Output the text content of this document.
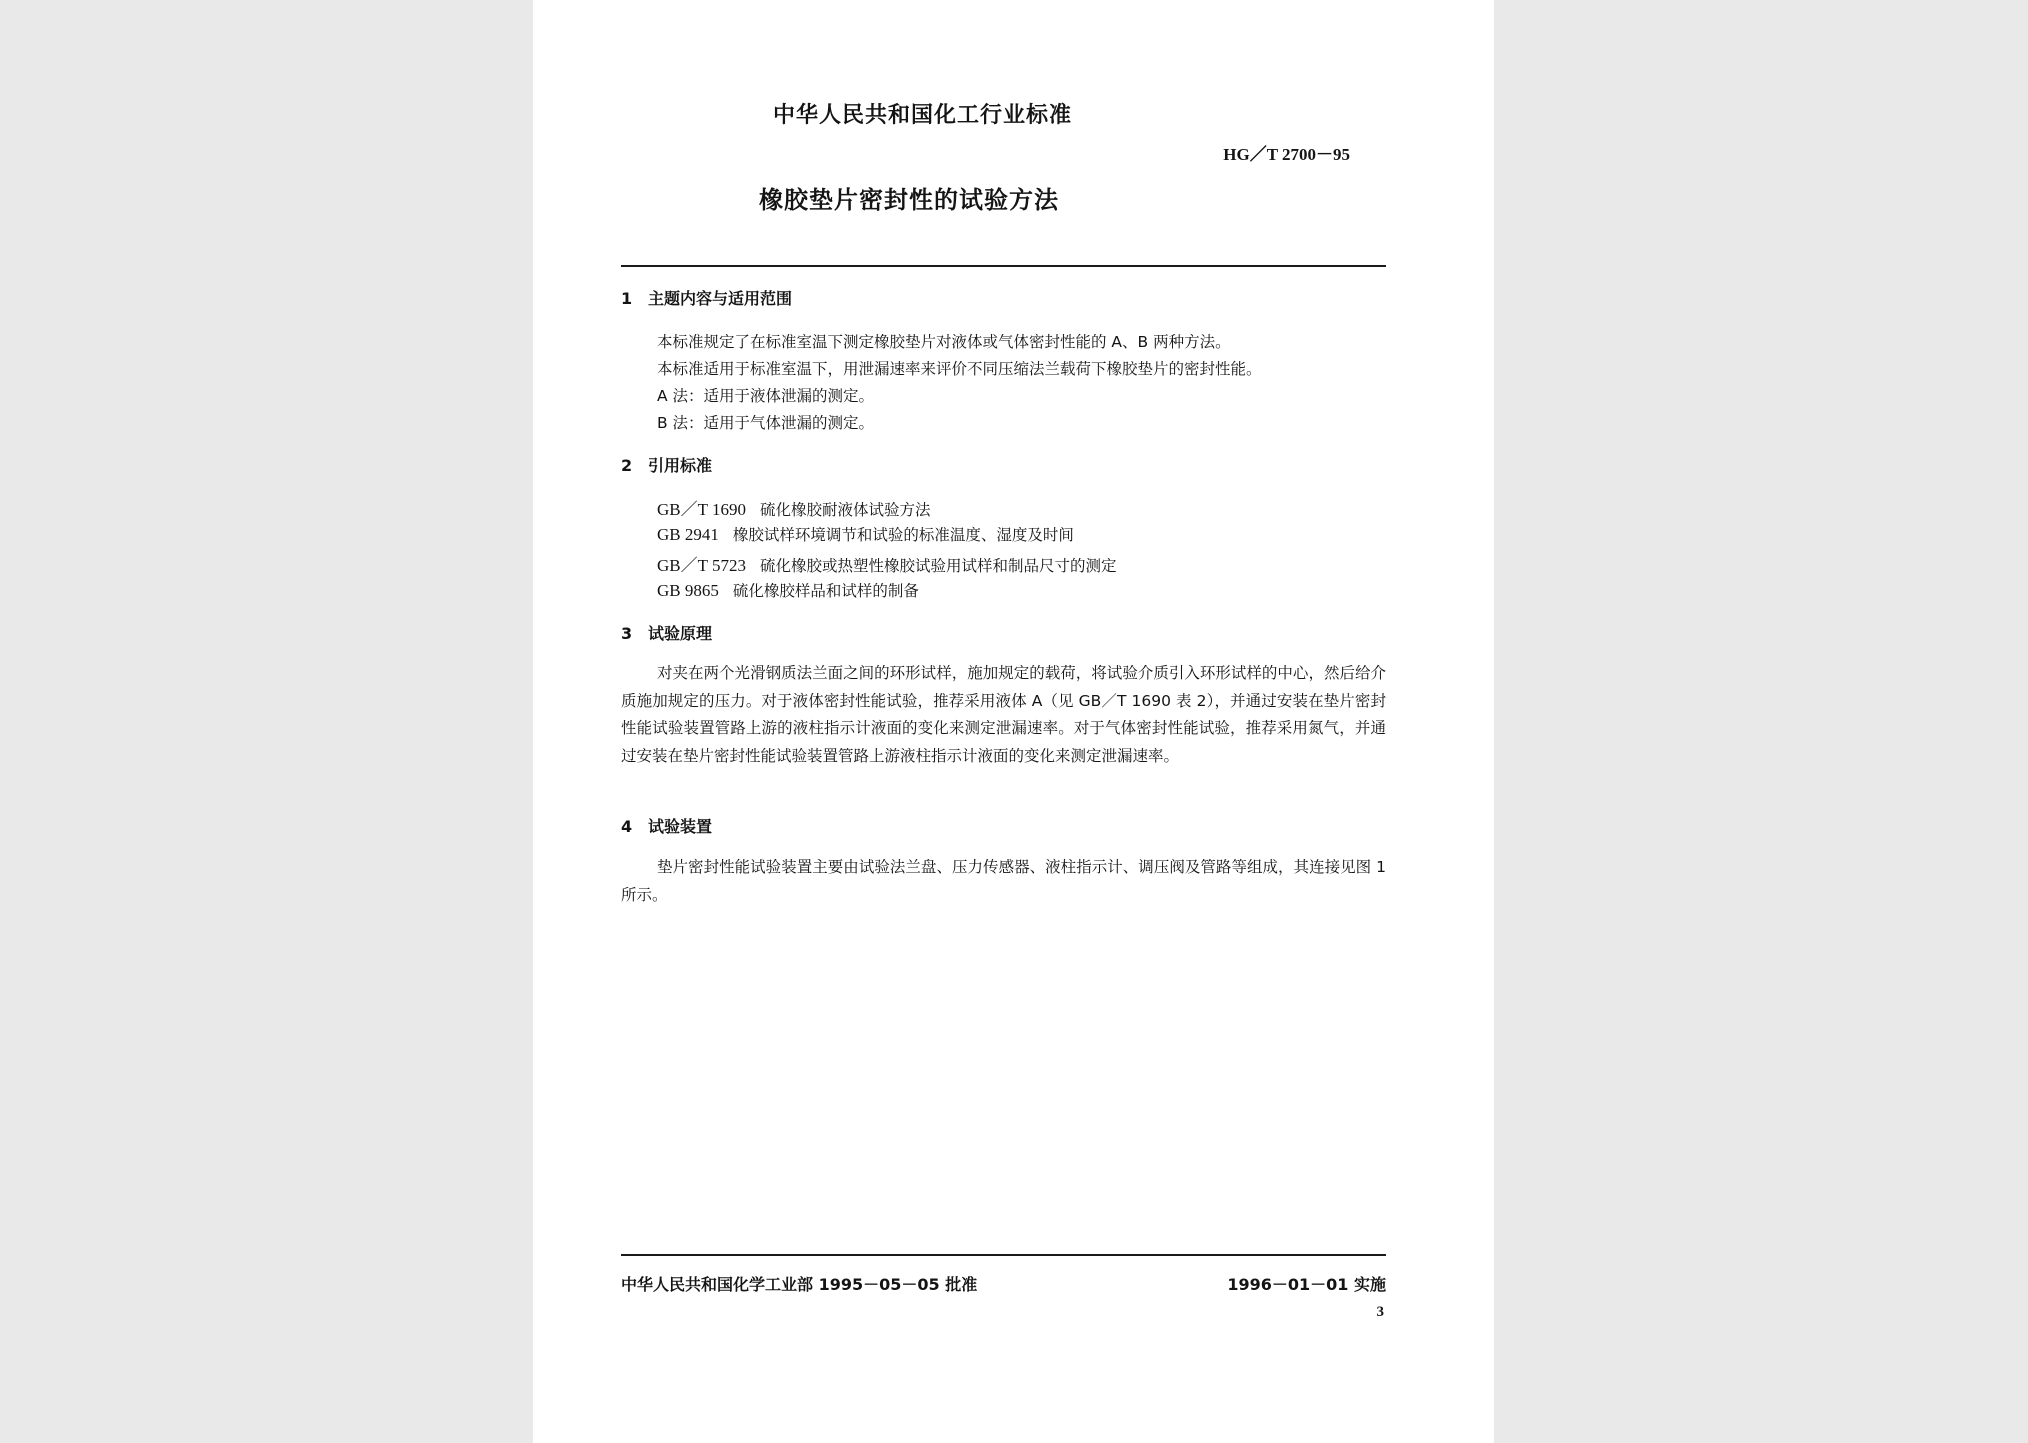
中华人民共和国化工行业标准
HG／T 2700－95
橡胶垫片密封性的试验方法
1 主题内容与适用范围
本标准规定了在标准室温下测定橡胶垫片对液体或气体密封性能的 A、B 两种方法。
本标准适用于标准室温下，用泄漏速率来评价不同压缩法兰载荷下橡胶垫片的密封性能。
A 法：适用于液体泄漏的测定。
B 法：适用于气体泄漏的测定。
2 引用标准
GB／T 1690 硫化橡胶耐液体试验方法
GB 2941 橡胶试样环境调节和试验的标准温度、湿度及时间
GB／T 5723 硫化橡胶或热塑性橡胶试验用试样和制品尺寸的测定
GB 9865 硫化橡胶样品和试样的制备
3 试验原理

对夹在两个光滑钢质法兰面之间的环形试样，施加规定的载荷，将试验介质引入环形试样的中心，然后给介质施加规定的压力。对于液体密封性能试验，推荐采用液体 A（见 GB／T 1690 表 2），并通过安装在垫片密封性能试验装置管路上游的液柱指示计液面的变化来测定泄漏速率。对于气体密封性能试验，推荐采用氮气，并通过安装在垫片密封性能试验装置管路上游液柱指示计液面的变化来测定泄漏速率。

4 试验装置

垫片密封性能试验装置主要由试验法兰盘、压力传感器、液柱指示计、调压阀及管路等组成，其连接见图 1 所示。

中华人民共和国化学工业部 1995－05－05 批准	1996－01－01 实施
3
